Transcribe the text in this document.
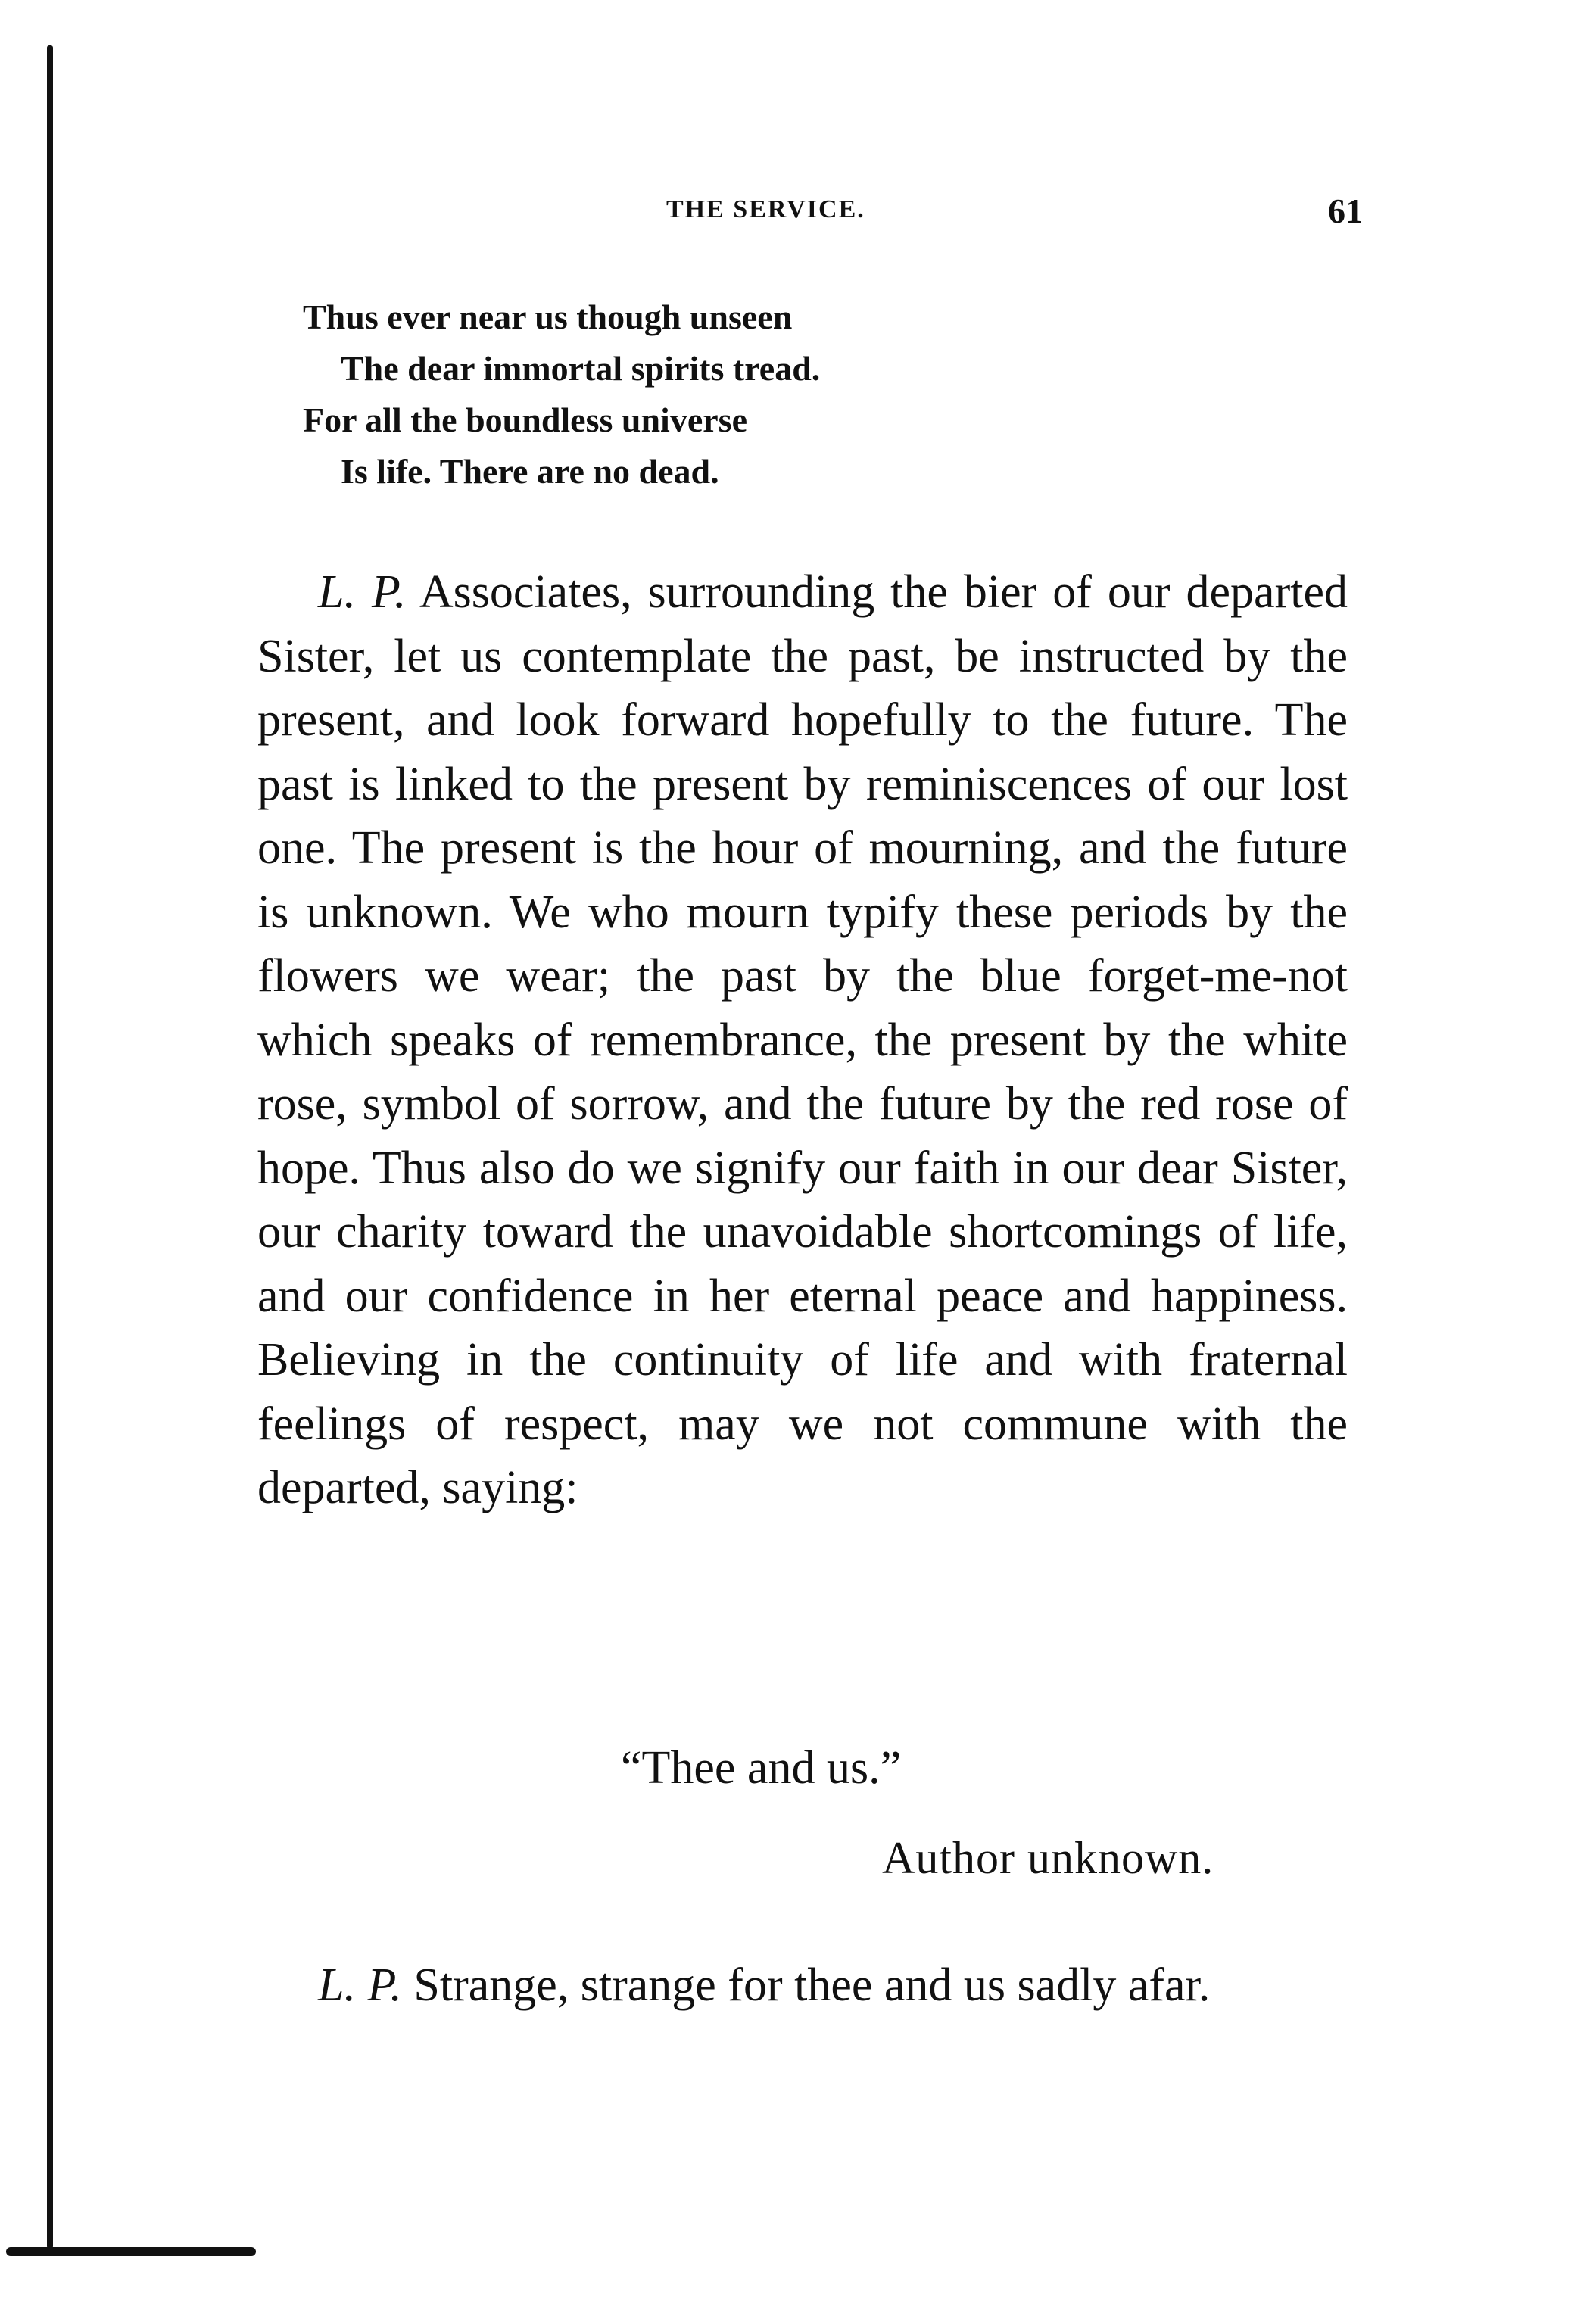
THE SERVICE.	61
Thus ever near us though unseen
The dear immortal spirits tread.
For all the boundless universe
Is life. There are no dead.
L. P. Associates, surrounding the bier of our departed Sister, let us contemplate the past, be instructed by the present, and look forward hopefully to the future. The past is linked to the present by reminiscences of our lost one. The present is the hour of mourning, and the future is unknown. We who mourn typify these periods by the flowers we wear; the past by the blue forget-me-not which speaks of remembrance, the present by the white rose, symbol of sorrow, and the future by the red rose of hope. Thus also do we signify our faith in our dear Sister, our charity toward the unavoidable shortcomings of life, and our confidence in her eternal peace and happiness. Believing in the continuity of life and with fraternal feelings of respect, may we not commune with the departed, saying:
“Thee and us.”
Author unknown.
L. P. Strange, strange for thee and us sadly afar.
